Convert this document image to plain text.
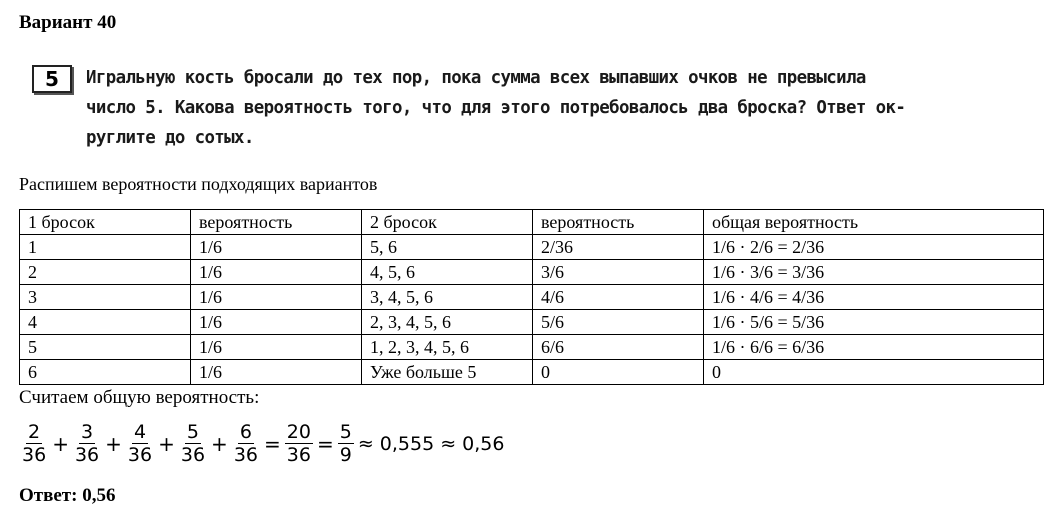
Вариант 40
5	Игральную кость бросали до тех пор, пока сумма всех выпавших очков не превысила
число 5. Какова вероятность того, что для этого потребовалось два броска? Ответ ок-
руглите до сотых.
Распишем вероятности подходящих вариантов
1 бросок	вероятность	2 бросок	вероятность	общая вероятность
1	1/6	5, 6	2/36	1/6 · 2/6 = 2/36
2	1/6	4, 5, 6	3/6	1/6 · 3/6 = 3/36
3	1/6	3, 4, 5, 6	4/6	1/6 · 4/6 = 4/36
4	1/6	2, 3, 4, 5, 6	5/6	1/6 · 5/6 = 5/36
5	1/6	1, 2, 3, 4, 5, 6	6/6	1/6 · 6/6 = 6/36
6	1/6	Уже больше 5	0	0
Считаем общую вероятность:
$\frac{2}{36} + \frac{3}{36} + \frac{4}{36} + \frac{5}{36} + \frac{6}{36} = \frac{20}{36} = \frac{5}{9} \approx 0,555 \approx 0,56$
Ответ: 0,56
